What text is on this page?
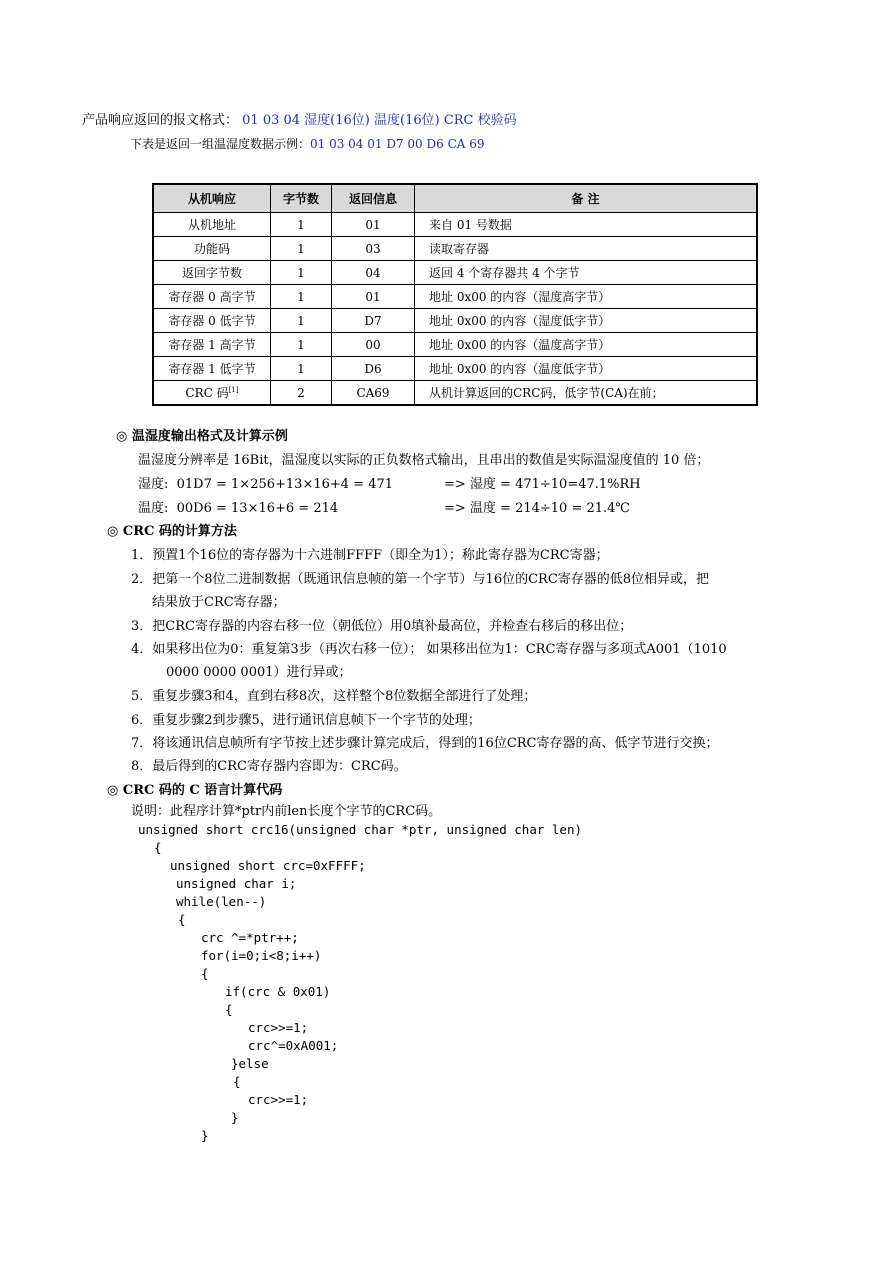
产品响应返回的报文格式： 01 03 04 湿度(16位) 温度(16位) CRC 校验码
下表是返回一组温湿度数据示例：01 03 04 01 D7 00 D6 CA 69
从机响应	字节数	返回信息	备 注
从机地址	1	01	来自 01 号数据
功能码	1	03	读取寄存器
返回字节数	1	04	返回 4 个寄存器共 4 个字节
寄存器 0 高字节	1	01	地址 0x00 的内容（湿度高字节）
寄存器 0 低字节	1	D7	地址 0x00 的内容（湿度低字节）
寄存器 1 高字节	1	00	地址 0x00 的内容（温度高字节）
寄存器 1 低字节	1	D6	地址 0x00 的内容（温度低字节）
CRC 码[1]	2	CA69	从机计算返回的CRC码，低字节(CA)在前；
◎ 温湿度输出格式及计算示例
温湿度分辨率是 16Bit，温湿度以实际的正负数格式输出，且串出的数值是实际温湿度值的 10 倍；
湿度:  01D7 = 1×256+13×16+4 = 471	=> 湿度 = 471÷10=47.1%RH
温度:  00D6 = 13×16+6 = 214	=> 温度 = 214÷10 = 21.4℃
◎ CRC 码的计算方法
1．预置1个16位的寄存器为十六进制FFFF（即全为1）；称此寄存器为CRC寄器；
2．把第一个8位二进制数据（既通讯信息帧的第一个字节）与16位的CRC寄存器的低8位相异或，把
结果放于CRC寄存器；
3．把CRC寄存器的内容右移一位（朝低位）用0填补最高位，并检查右移后的移出位；
4．如果移出位为0：重复第3步（再次右移一位）； 如果移出位为1：CRC寄存器与多项式A001（1010
0000 0000 0001）进行异或；
5．重复步骤3和4，直到右移8次，这样整个8位数据全部进行了处理；
6．重复步骤2到步骤5，进行通讯信息帧下一个字节的处理；
7．将该通讯信息帧所有字节按上述步骤计算完成后，得到的16位CRC寄存器的高、低字节进行交换；
8．最后得到的CRC寄存器内容即为：CRC码。
◎ CRC 码的 C 语言计算代码
说明：此程序计算*ptr内前len长度个字节的CRC码。
unsigned short crc16(unsigned char *ptr, unsigned char len)
{
unsigned short crc=0xFFFF;
unsigned char i;
while(len--)
{
crc ^=*ptr++;
for(i=0;i<8;i++)
{
if(crc & 0x01)
{
crc>>=1;
crc^=0xA001;
}else
{
crc>>=1;
}
}
